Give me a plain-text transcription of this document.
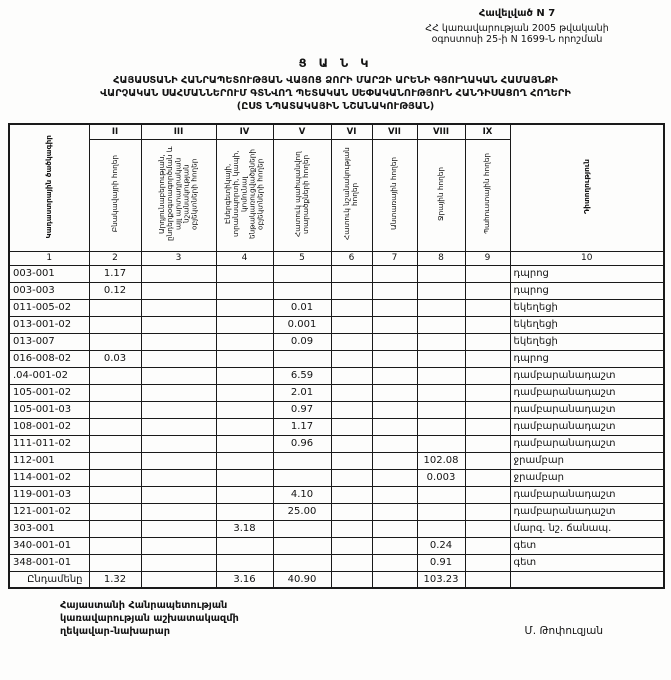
Հավելված N 7
ՀՀ կառավարության 2005 թվականի
օգոստոսի 25-ի N 1699-Ն որոշման
Ց Ա Ն Կ
ՀԱՅԱՍՏԱՆԻ ՀԱՆՐԱՊԵՏՈՒԹՅԱՆ ՎԱՅՈՑ ՁՈՐԻ ՄԱՐԶԻ ԱՐԵՆԻ ԳՅՈՒՂԱԿԱՆ ՀԱՄԱՅՆՔԻ
ՎԱՐՉԱԿԱՆ ՍԱՀՄԱՆՆԵՐՈՒՄ ԳՏՆՎՈՂ ՊԵՏԱԿԱՆ ՍԵՓԱԿԱՆՈՒԹՅՈՒՆ ՀԱՆԴԻՍԱՑՈՂ ՀՈՂԵՐԻ
(ԸՍՏ ՆՊԱՏԱԿԱՅԻՆ ՆՇԱՆԱԿՈՒԹՅԱՆ)
Կադաստրային ծածկագիր	II	III	IV	V	VI	VII	VIII	IX	Դիտողություն
	Բնակավայրի հողեր	Արդյունաբերության, ընդերքօգտագործման և այլ արտադրական նշանակության օբյեկտների հողեր	Էներգետիկայի, տրանսպորտի, կապի, կոմունալ ենթակառուցվածքների օբյեկտների հողեր	Հատուկ պահպանվող տարածքների հողեր	Հատուկ նշանակության հողեր	Անտառային հողեր	Ջրային հողեր	Պահուստային հողեր	
1	2	3	4	5	6	7	8	9	10
003-001	1.17								դպրոց
003-003	0.12								դպրոց
011-005-02				0.01					եկեղեցի
013-001-02				0.001					եկեղեցի
013-007				0.09					եկեղեցի
016-008-02	0.03								դպրոց
.04-001-02				6.59					դամբարանադաշտ
105-001-02				2.01					դամբարանադաշտ
105-001-03				0.97					դամբարանադաշտ
108-001-02				1.17					դամբարանադաշտ
111-011-02				0.96					դամբարանադաշտ
112-001							102.08		ջրամբար
114-001-02							0.003		ջրամբար
119-001-03				4.10					դամբարանադաշտ
121-001-02				25.00					դամբարանադաշտ
303-001			3.18						մարզ. նշ. ճանապ.
340-001-01							0.24		գետ
348-001-01							0.91		գետ
Ընդամենը	1.32		3.16	40.90			103.23		
Հայաստանի Հանրապետության
կառավարության աշխատակազմի
ղեկավար-նախարար	Մ. Թոփուզյան
